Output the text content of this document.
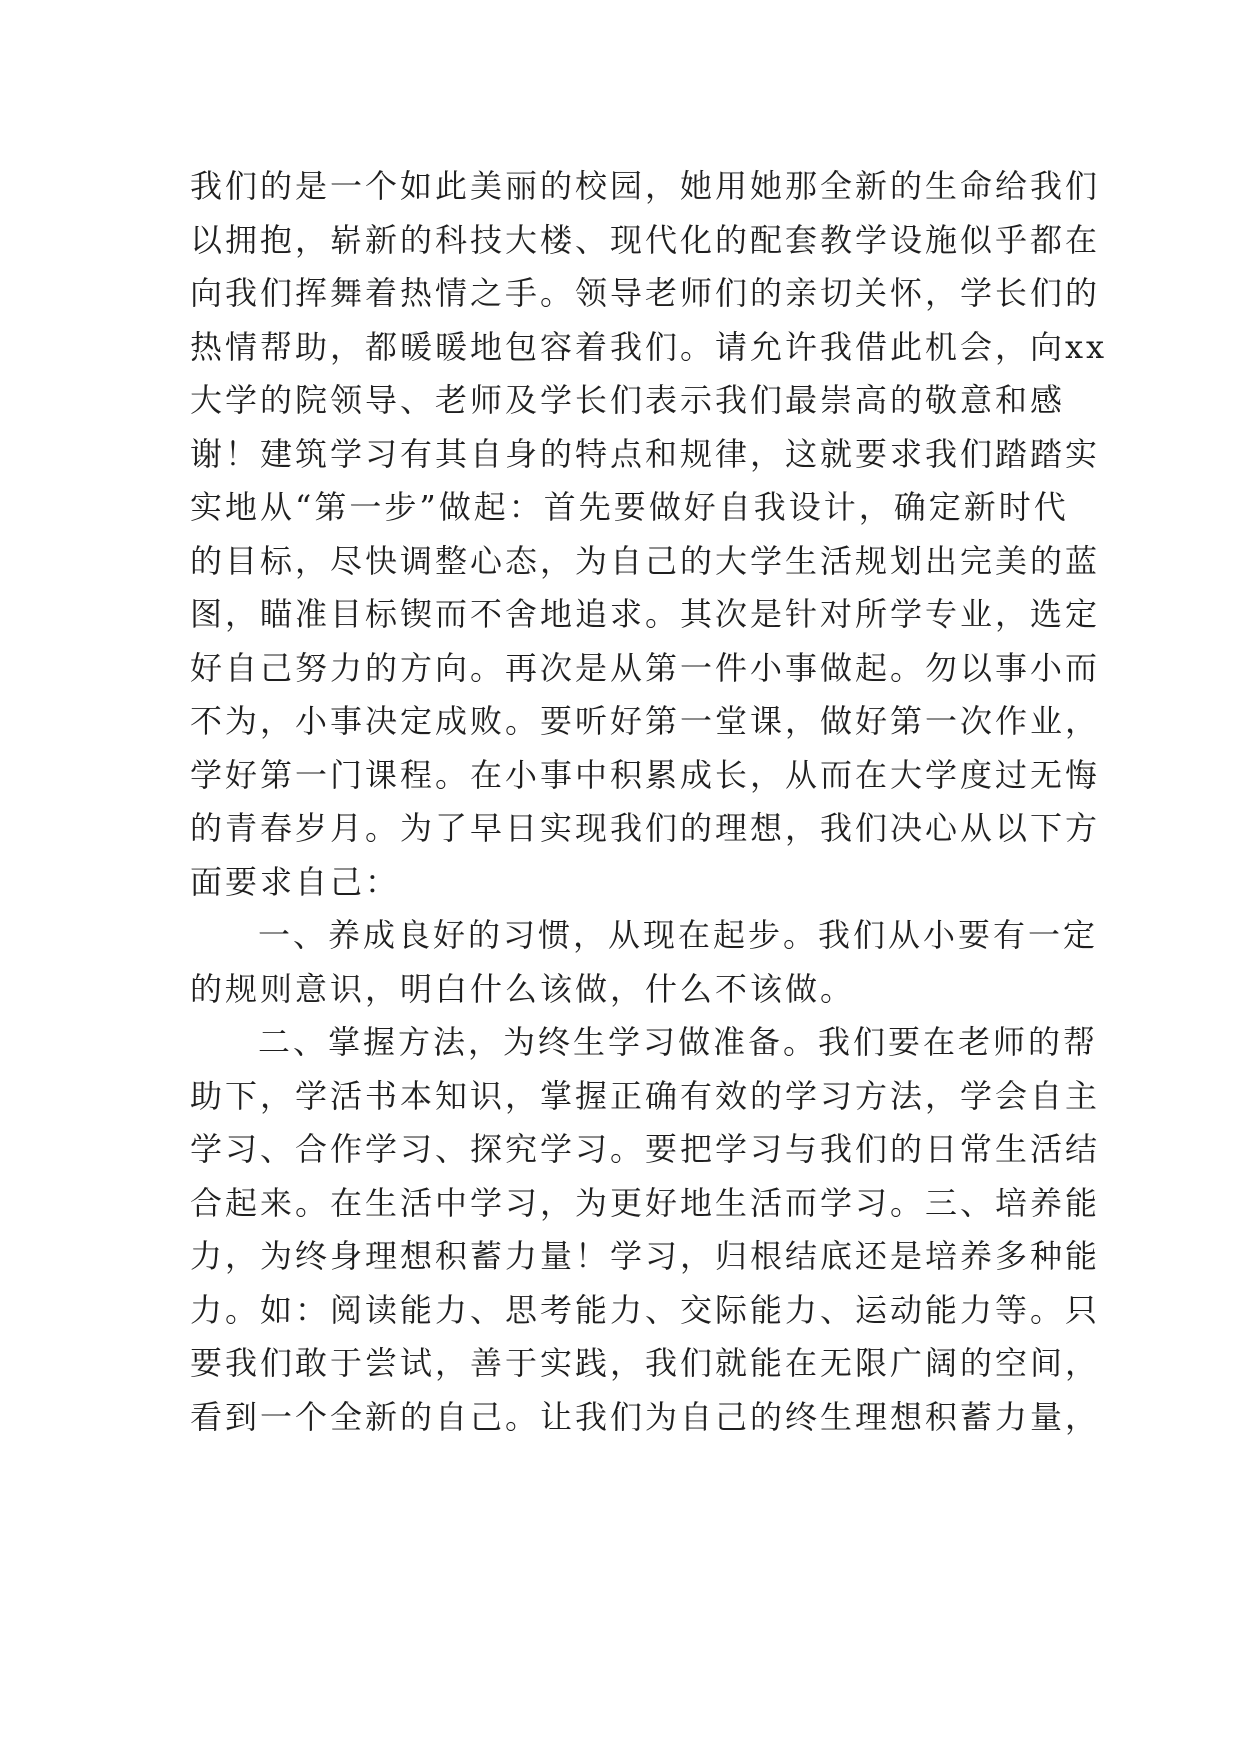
我们的是一个如此美丽的校园，她用她那全新的生命给我们
以拥抱，崭新的科技大楼、现代化的配套教学设施似乎都在
向我们挥舞着热情之手。领导老师们的亲切关怀，学长们的
热情帮助，都暖暖地包容着我们。请允许我借此机会，向xx
大学的院领导、老师及学长们表示我们最崇高的敬意和感
谢！建筑学习有其自身的特点和规律，这就要求我们踏踏实
实地从“第一步”做起：首先要做好自我设计，确定新时代
的目标，尽快调整心态，为自己的大学生活规划出完美的蓝
图，瞄准目标锲而不舍地追求。其次是针对所学专业，选定
好自己努力的方向。再次是从第一件小事做起。勿以事小而
不为，小事决定成败。要听好第一堂课，做好第一次作业，
学好第一门课程。在小事中积累成长，从而在大学度过无悔
的青春岁月。为了早日实现我们的理想，我们决心从以下方
面要求自己：
一、养成良好的习惯，从现在起步。我们从小要有一定
的规则意识，明白什么该做，什么不该做。
二、掌握方法，为终生学习做准备。我们要在老师的帮
助下，学活书本知识，掌握正确有效的学习方法，学会自主
学习、合作学习、探究学习。要把学习与我们的日常生活结
合起来。在生活中学习，为更好地生活而学习。三、培养能
力，为终身理想积蓄力量！学习，归根结底还是培养多种能
力。如：阅读能力、思考能力、交际能力、运动能力等。只
要我们敢于尝试，善于实践，我们就能在无限广阔的空间，
看到一个全新的自己。让我们为自己的终生理想积蓄力量，
